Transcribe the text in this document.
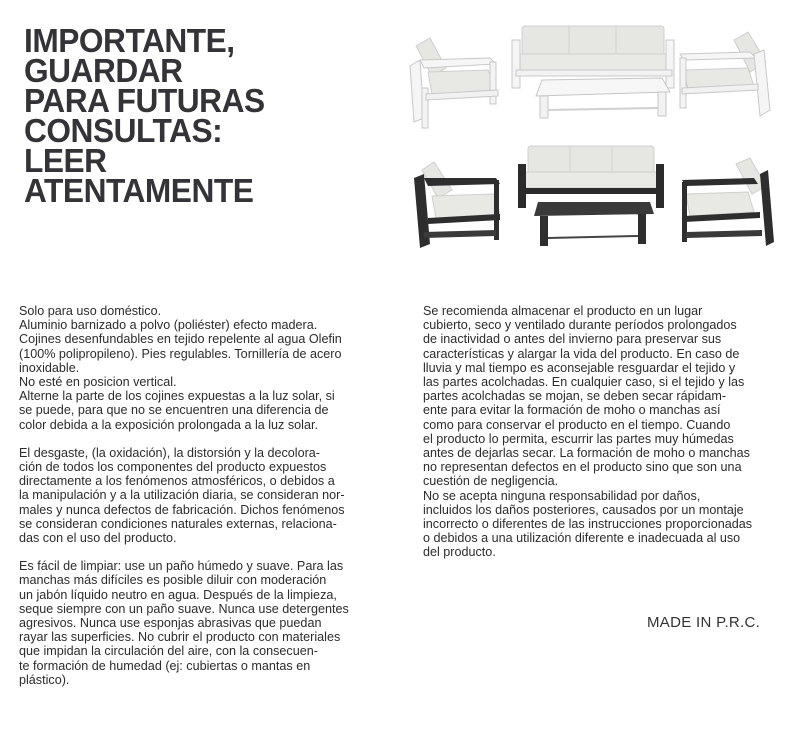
IMPORTANTE,
GUARDAR
PARA FUTURAS
CONSULTAS:
LEER
ATENTAMENTE

Solo para uso doméstico.
Aluminio barnizado a polvo (poliéster) efecto madera.
Cojines desenfundables en tejido repelente al agua Olefin
(100% polipropileno). Pies regulables. Tornillería de acero
inoxidable.
No esté en posicion vertical.
Alterne la parte de los cojines expuestas a la luz solar, si
se puede, para que no se encuentren una diferencia de
color debida a la exposición prolongada a la luz solar.

El desgaste, (la oxidación), la distorsión y la decolora-
ción de todos los componentes del producto expuestos
directamente a los fenómenos atmosféricos, o debidos a
la manipulación y a la utilización diaria, se consideran nor-
males y nunca defectos de fabricación. Dichos fenómenos
se consideran condiciones naturales externas, relaciona-
das con el uso del producto.

Es fácil de limpiar: use un paño húmedo y suave. Para las
manchas más difíciles es posible diluir con moderación
un jabón líquido neutro en agua. Después de la limpieza,
seque siempre con un paño suave. Nunca use detergentes
agresivos. Nunca use esponjas abrasivas que puedan
rayar las superficies. No cubrir el producto con materiales
que impidan la circulación del aire, con la consecuen-
te formación de humedad (ej: cubiertas o mantas en
plástico).

Se recomienda almacenar el producto en un lugar
cubierto, seco y ventilado durante períodos prolongados
de inactividad o antes del invierno para preservar sus
características y alargar la vida del producto. En caso de
lluvia y mal tiempo es aconsejable resguardar el tejido y
las partes acolchadas. En cualquier caso, si el tejido y las
partes acolchadas se mojan, se deben secar rápidam-
ente para evitar la formación de moho o manchas así
como para conservar el producto en el tiempo. Cuando
el producto lo permita, escurrir las partes muy húmedas
antes de dejarlas secar. La formación de moho o manchas
no representan defectos en el producto sino que son una
cuestión de negligencia.
No se acepta ninguna responsabilidad por daños,
incluidos los daños posteriores, causados por un montaje
incorrecto o diferentes de las instrucciones proporcionadas
o debidos a una utilización diferente e inadecuada al uso
del producto.

MADE IN P.R.C.
